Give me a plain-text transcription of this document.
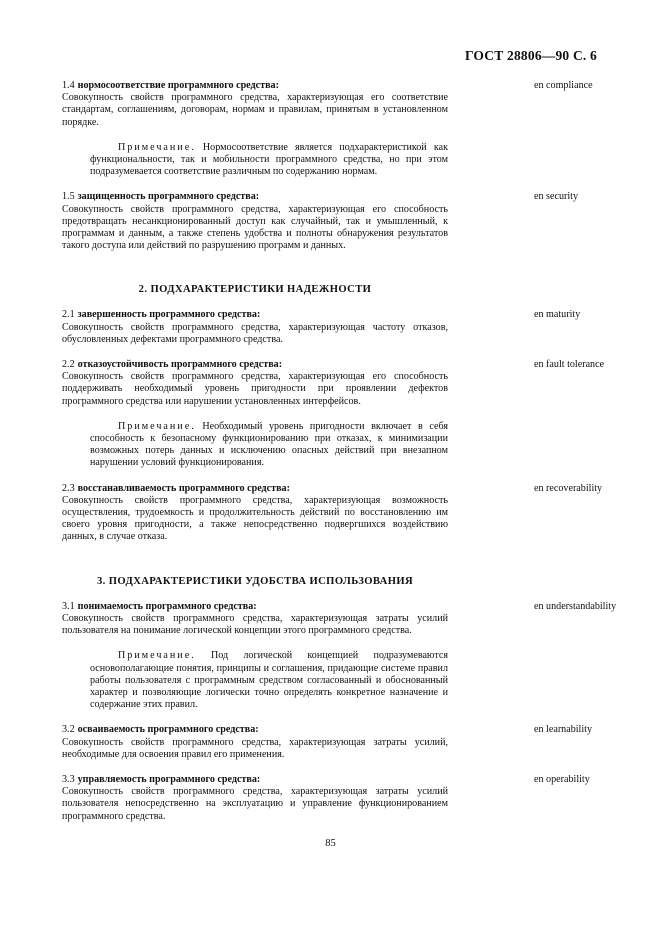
ГОСТ 28806—90 С. 6
1.4 нормосоответствие программного средства:
Совокупность свойств программного средства, характеризующая его соответствие стандартам, соглашениям, договорам, нормам и правилам, принятым в установленном порядке.
Примечание. Нормосоответствие является подхарактеристикой как функциональности, так и мобильности программного средства, но при этом подразумевается соответствие различным по содержанию нормам.
1.5 защищенность программного средства:
Совокупность свойств программного средства, характеризующая его способность предотвращать несанкционированный доступ как случайный, так и умышленный, к программам и данным, а также степень удобства и полноты обнаружения результатов такого доступа или действий по разрушению программ и данных.
2. ПОДХАРАКТЕРИСТИКИ НАДЕЖНОСТИ
2.1 завершенность программного средства:
Совокупность свойств программного средства, характеризующая частоту отказов, обусловленных дефектами программного средства.
2.2 отказоустойчивость программного средства:
Совокупность свойств программного средства, характеризующая его способность поддерживать необходимый уровень пригодности при проявлении дефектов программного средства или нарушении установленных интерфейсов.
Примечание. Необходимый уровень пригодности включает в себя способность к безопасному функционированию при отказах, к минимизации возможных потерь данных и исключению опасных действий при внезапном нарушении условий функционирования.
2.3 восстанавливаемость программного средства:
Совокупность свойств программного средства, характеризующая возможность осуществления, трудоемкость и продолжительность действий по восстановлению им своего уровня пригодности, а также непосредственно подвергшихся воздействию данных, в случае отказа.
3. ПОДХАРАКТЕРИСТИКИ УДОБСТВА ИСПОЛЬЗОВАНИЯ
3.1 понимаемость программного средства:
Совокупность свойств программного средства, характеризующая затраты усилий пользователя на понимание логической концепции этого программного средства.
Примечание. Под логической концепцией подразумеваются основополагающие понятия, принципы и соглашения, придающие системе правил работы пользователя с программным средством согласованный и обоснованный характер и позволяющие логически точно определять конкретное назначение и содержание этих правил.
3.2 осваиваемость программного средства:
Совокупность свойств программного средства, характеризующая затраты усилий, необходимые для освоения правил его применения.
3.3 управляемость программного средства:
Совокупность свойств программного средства, характеризующая затраты усилий пользователя непосредственно на эксплуатацию и управление функционированием программного средства.
en compliance
en security
en maturity
en fault tolerance
en recoverability
en understandability
en learnability
en operability
85
